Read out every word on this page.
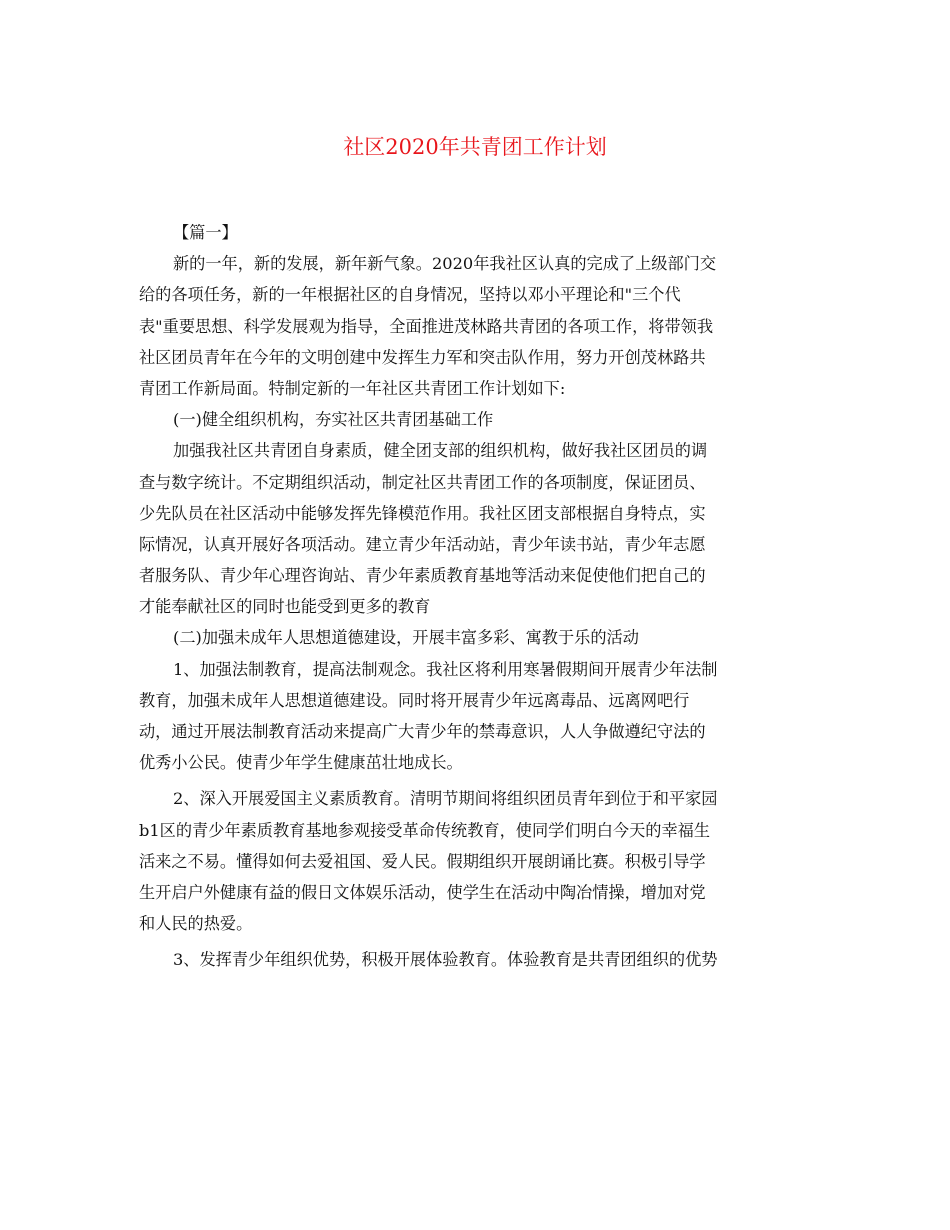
社区2020年共青团工作计划
【篇一】
新的一年，新的发展，新年新气象。2020年我社区认真的完成了上级部门交
给的各项任务，新的一年根据社区的自身情况，坚持以邓小平理论和"三个代
表"重要思想、科学发展观为指导，全面推进茂林路共青团的各项工作，将带领我
社区团员青年在今年的文明创建中发挥生力军和突击队作用，努力开创茂林路共
青团工作新局面。特制定新的一年社区共青团工作计划如下:
(一)健全组织机构，夯实社区共青团基础工作
加强我社区共青团自身素质，健全团支部的组织机构，做好我社区团员的调
查与数字统计。不定期组织活动，制定社区共青团工作的各项制度，保证团员、
少先队员在社区活动中能够发挥先锋模范作用。我社区团支部根据自身特点，实
际情况，认真开展好各项活动。建立青少年活动站，青少年读书站，青少年志愿
者服务队、青少年心理咨询站、青少年素质教育基地等活动来促使他们把自己的
才能奉献社区的同时也能受到更多的教育
(二)加强未成年人思想道德建设，开展丰富多彩、寓教于乐的活动
1、加强法制教育，提高法制观念。我社区将利用寒暑假期间开展青少年法制
教育，加强未成年人思想道德建设。同时将开展青少年远离毒品、远离网吧行
动，通过开展法制教育活动来提高广大青少年的禁毒意识，人人争做遵纪守法的
优秀小公民。使青少年学生健康茁壮地成长。
2、深入开展爱国主义素质教育。清明节期间将组织团员青年到位于和平家园
b1区的青少年素质教育基地参观接受革命传统教育，使同学们明白今天的幸福生
活来之不易。懂得如何去爱祖国、爱人民。假期组织开展朗诵比赛。积极引导学
生开启户外健康有益的假日文体娱乐活动，使学生在活动中陶冶情操，增加对党
和人民的热爱。
3、发挥青少年组织优势，积极开展体验教育。体验教育是共青团组织的优势
